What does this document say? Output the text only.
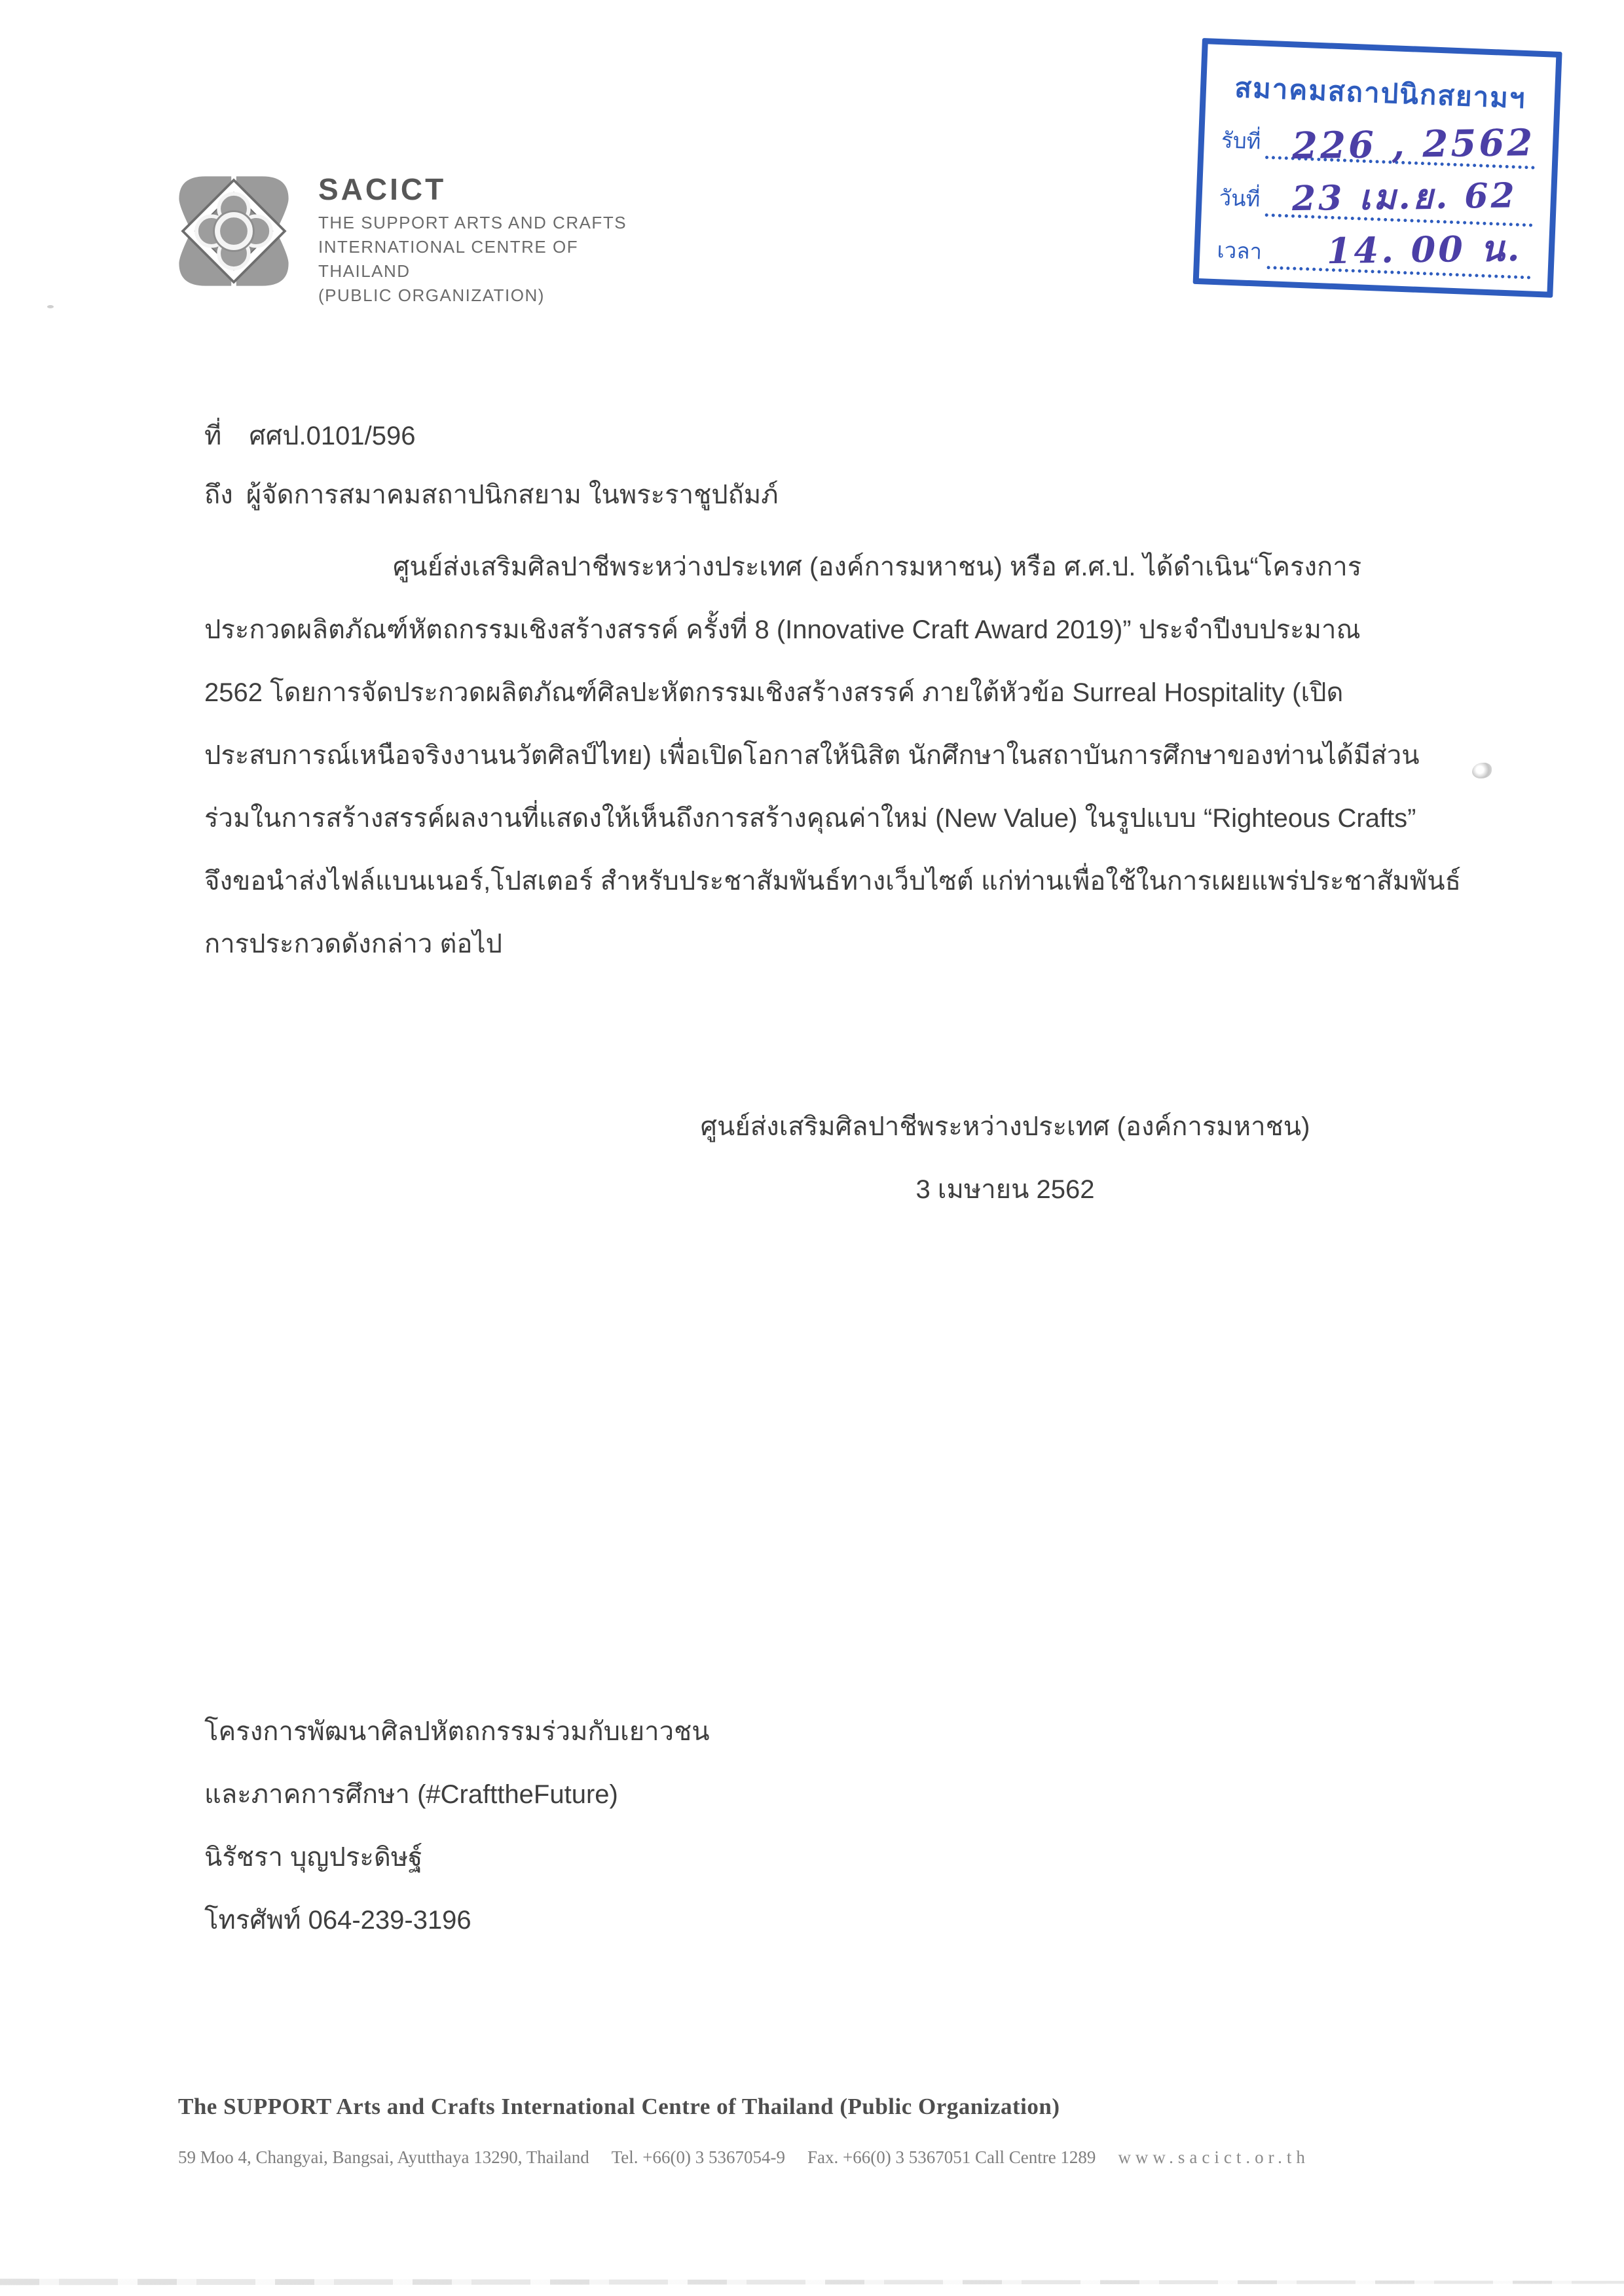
SACICT
THE SUPPORT ARTS AND CRAFTS
INTERNATIONAL CENTRE OF
THAILAND
(PUBLIC ORGANIZATION)
สมาคมสถาปนิกสยามฯ
รับที่ 226 , 2562
วันที่ 23 เม.ย. 62
เวลา 14. 00 น.
ที่ ศศป.0101/596
ถึง ผู้จัดการสมาคมสถาปนิกสยาม ในพระราชูปถัมภ์
ศูนย์ส่งเสริมศิลปาชีพระหว่างประเทศ (องค์การมหาชน) หรือ ศ.ศ.ป. ได้ดำเนิน“โครงการ
ประกวดผลิตภัณฑ์หัตถกรรมเชิงสร้างสรรค์ ครั้งที่ 8 (Innovative Craft Award 2019)” ประจำปีงบประมาณ
2562 โดยการจัดประกวดผลิตภัณฑ์ศิลปะหัตกรรมเชิงสร้างสรรค์ ภายใต้หัวข้อ Surreal Hospitality (เปิด
ประสบการณ์เหนือจริงงานนวัตศิลป์ไทย) เพื่อเปิดโอกาสให้นิสิต นักศึกษาในสถาบันการศึกษาของท่านได้มีส่วน
ร่วมในการสร้างสรรค์ผลงานที่แสดงให้เห็นถึงการสร้างคุณค่าใหม่ (New Value) ในรูปแบบ “Righteous Crafts”
จึงขอนำส่งไฟล์แบนเนอร์,โปสเตอร์ สำหรับประชาสัมพันธ์ทางเว็บไซต์ แก่ท่านเพื่อใช้ในการเผยแพร่ประชาสัมพันธ์
การประกวดดังกล่าว ต่อไป
ศูนย์ส่งเสริมศิลปาชีพระหว่างประเทศ (องค์การมหาชน)
3 เมษายน 2562
โครงการพัฒนาศิลปหัตถกรรมร่วมกับเยาวชน
และภาคการศึกษา (#CrafttheFuture)
นิรัชรา บุญประดิษฐ์
โทรศัพท์ 064-239-3196
The SUPPORT Arts and Crafts International Centre of Thailand (Public Organization)
59 Moo 4, Changyai, Bangsai, Ayutthaya 13290, Thailand Tel. +66(0) 3 5367054-9 Fax. +66(0) 3 5367051 Call Centre 1289 www.sacict.or.th
